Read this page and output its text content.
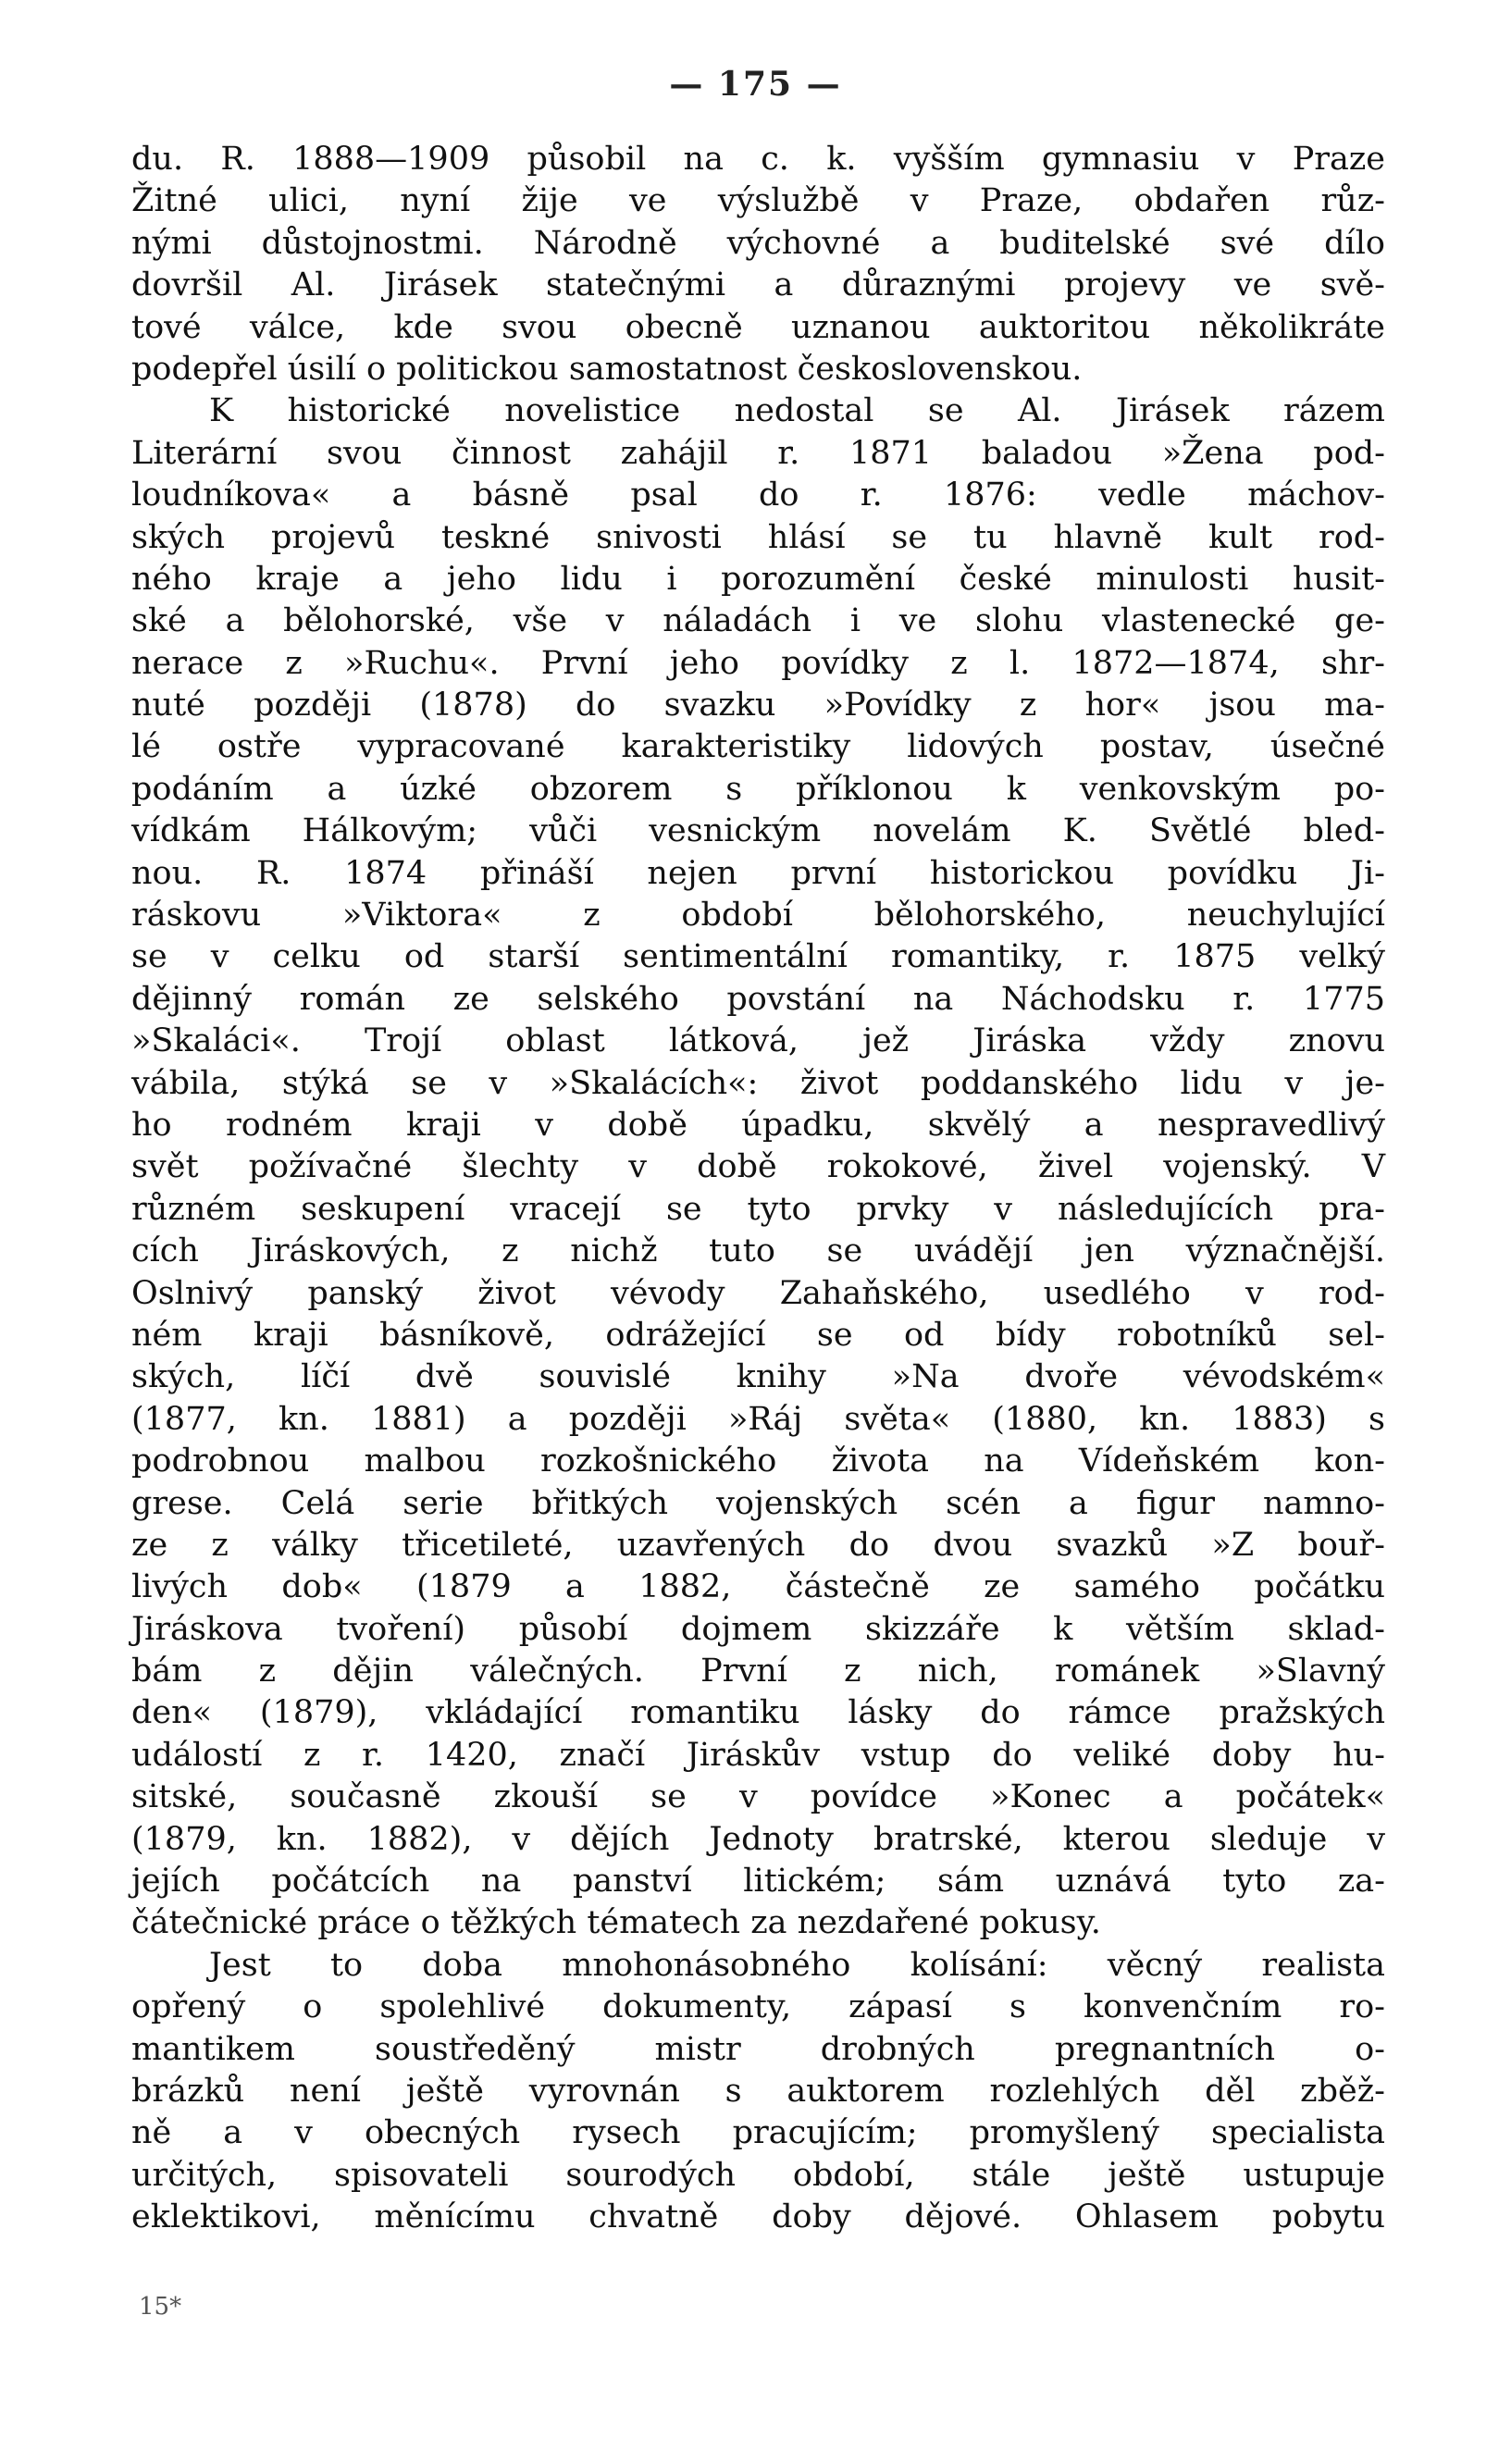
— 175 —
du. R. 1888—1909 působil na c. k. vyšším gymnasiu v Praze
Žitné ulici, nyní žije ve výslužbě v Praze, obdařen růz-
nými důstojnostmi. Národně výchovné a buditelské své dílo
dovršil Al. Jirásek statečnými a důraznými projevy ve svě-
tové válce, kde svou obecně uznanou auktoritou několikráte
podepřel úsilí o politickou samostatnost československou.
K historické novelistice nedostal se Al. Jirásek rázem
Literární svou činnost zahájil r. 1871 baladou »Žena pod-
loudníkova« a básně psal do r. 1876: vedle máchov-
ských projevů teskné snivosti hlásí se tu hlavně kult rod-
ného kraje a jeho lidu i porozumění české minulosti husit-
ské a bělohorské, vše v náladách i ve slohu vlastenecké ge-
nerace z »Ruchu«. První jeho povídky z l. 1872—1874, shr-
nuté později (1878) do svazku »Povídky z hor« jsou ma-
lé ostře vypracované karakteristiky lidových postav, úsečné
podáním a úzké obzorem s příklonou k venkovským po-
vídkám Hálkovým; vůči vesnickým novelám K. Světlé bled-
nou. R. 1874 přináší nejen první historickou povídku Ji-
ráskovu »Viktora« z období bělohorského, neuchylující
se v celku od starší sentimentální romantiky, r. 1875 velký
dějinný román ze selského povstání na Náchodsku r. 1775
»Skaláci«. Trojí oblast látková, jež Jiráska vždy znovu
vábila, stýká se v »Skalácích«: život poddanského lidu v je-
ho rodném kraji v době úpadku, skvělý a nespravedlivý
svět požívačné šlechty v době rokokové, živel vojenský. V
různém seskupení vracejí se tyto prvky v následujících pra-
cích Jiráskových, z nichž tuto se uvádějí jen význačnější.
Oslnivý panský život vévody Zahaňského, usedlého v rod-
ném kraji básníkově, odrážející se od bídy robotníků sel-
ských, líčí dvě souvislé knihy »Na dvoře vévodském«
(1877, kn. 1881) a později »Ráj světa« (1880, kn. 1883) s
podrobnou malbou rozkošnického života na Vídeňském kon-
grese. Celá serie břitkých vojenských scén a figur namno-
ze z války třicetileté, uzavřených do dvou svazků »Z bouř-
livých dob« (1879 a 1882, částečně ze samého počátku
Jiráskova tvoření) působí dojmem skizzáře k větším sklad-
bám z dějin válečných. První z nich, románek »Slavný
den« (1879), vkládající romantiku lásky do rámce pražských
událostí z r. 1420, značí Jiráskův vstup do veliké doby hu-
sitské, současně zkouší se v povídce »Konec a počátek«
(1879, kn. 1882), v dějích Jednoty bratrské, kterou sleduje v
jejích počátcích na panství litickém; sám uznává tyto za-
čátečnické práce o těžkých tématech za nezdařené pokusy.
Jest to doba mnohonásobného kolísání: věcný realista
opřený o spolehlivé dokumenty, zápasí s konvenčním ro-
mantikem soustředěný mistr drobných pregnantních o-
brázků není ještě vyrovnán s auktorem rozlehlých děl zběž-
ně a v obecných rysech pracujícím; promyšlený specialista
určitých, spisovateli sourodých období, stále ještě ustupuje
eklektikovi, měnícímu chvatně doby dějové. Ohlasem pobytu
15*
